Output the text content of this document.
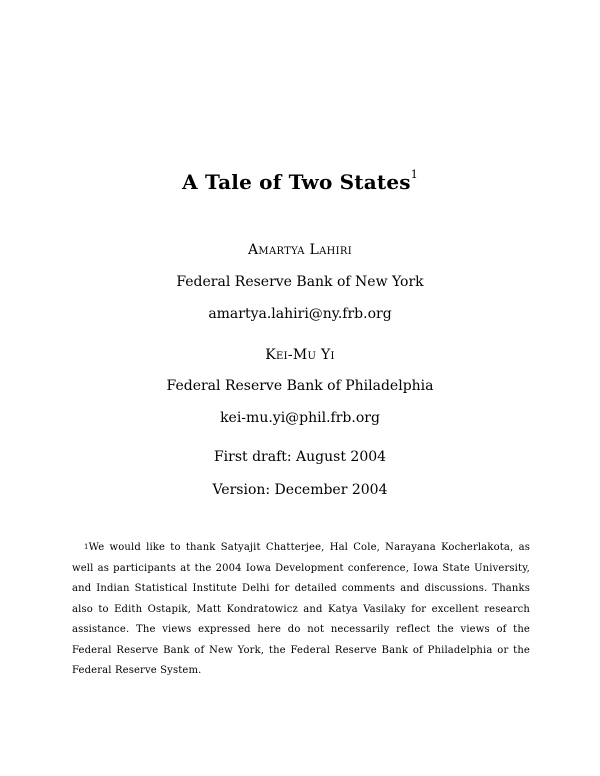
A Tale of Two States$^1$
Amartya Lahiri
Federal Reserve Bank of New York
amartya.lahiri@ny.frb.org
Kei-Mu Yi
Federal Reserve Bank of Philadelphia
kei-mu.yi@phil.frb.org
First draft: August 2004
Version: December 2004
$^1$We would like to thank Satyajit Chatterjee, Hal Cole, Narayana Kocherlakota, as well as participants at the 2004 Iowa Development conference, Iowa State University, and Indian Statistical Institute Delhi for detailed comments and discussions. Thanks also to Edith Ostapik, Matt Kondratowicz and Katya Vasilaky for excellent research assistance. The views expressed here do not necessarily reflect the views of the Federal Reserve Bank of New York, the Federal Reserve Bank of Philadelphia or the Federal Reserve System.
